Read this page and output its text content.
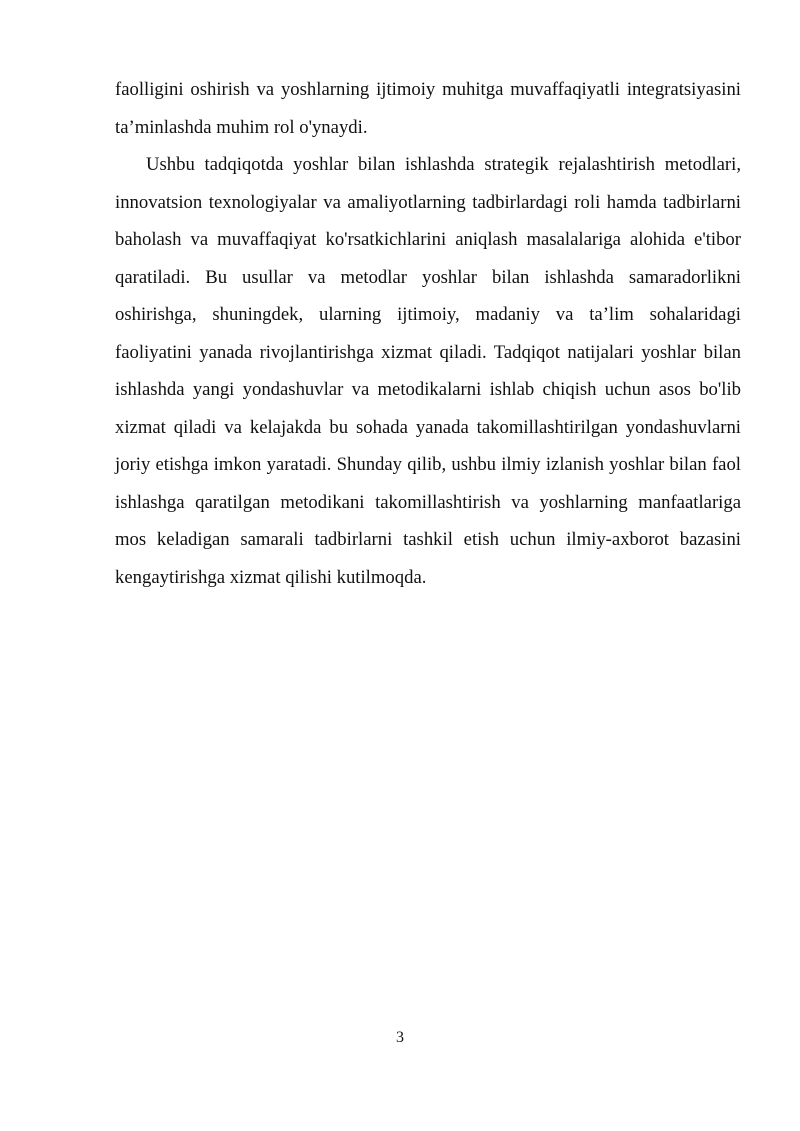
faolligini oshirish va yoshlarning ijtimoiy muhitga muvaffaqiyatli integratsiyasini ta’minlashda muhim rol o'ynaydi.

Ushbu tadqiqotda yoshlar bilan ishlashda strategik rejalashtirish metodlari, innovatsion texnologiyalar va amaliyotlarning tadbirlardagi roli hamda tadbirlarni baholash va muvaffaqiyat ko'rsatkichlarini aniqlash masalalariga alohida e'tibor qaratiladi. Bu usullar va metodlar yoshlar bilan ishlashda samaradorlikni oshirishga, shuningdek, ularning ijtimoiy, madaniy va ta’lim sohalaridagi faoliyatini yanada rivojlantirishga xizmat qiladi. Tadqiqot natijalari yoshlar bilan ishlashda yangi yondashuvlar va metodikalarni ishlab chiqish uchun asos bo'lib xizmat qiladi va kelajakda bu sohada yanada takomillashtirilgan yondashuvlarni joriy etishga imkon yaratadi. Shunday qilib, ushbu ilmiy izlanish yoshlar bilan faol ishlashga qaratilgan metodikani takomillashtirish va yoshlarning manfaatlariga mos keladigan samarali tadbirlarni tashkil etish uchun ilmiy-axborot bazasini kengaytirishga xizmat qilishi kutilmoqda.

3
